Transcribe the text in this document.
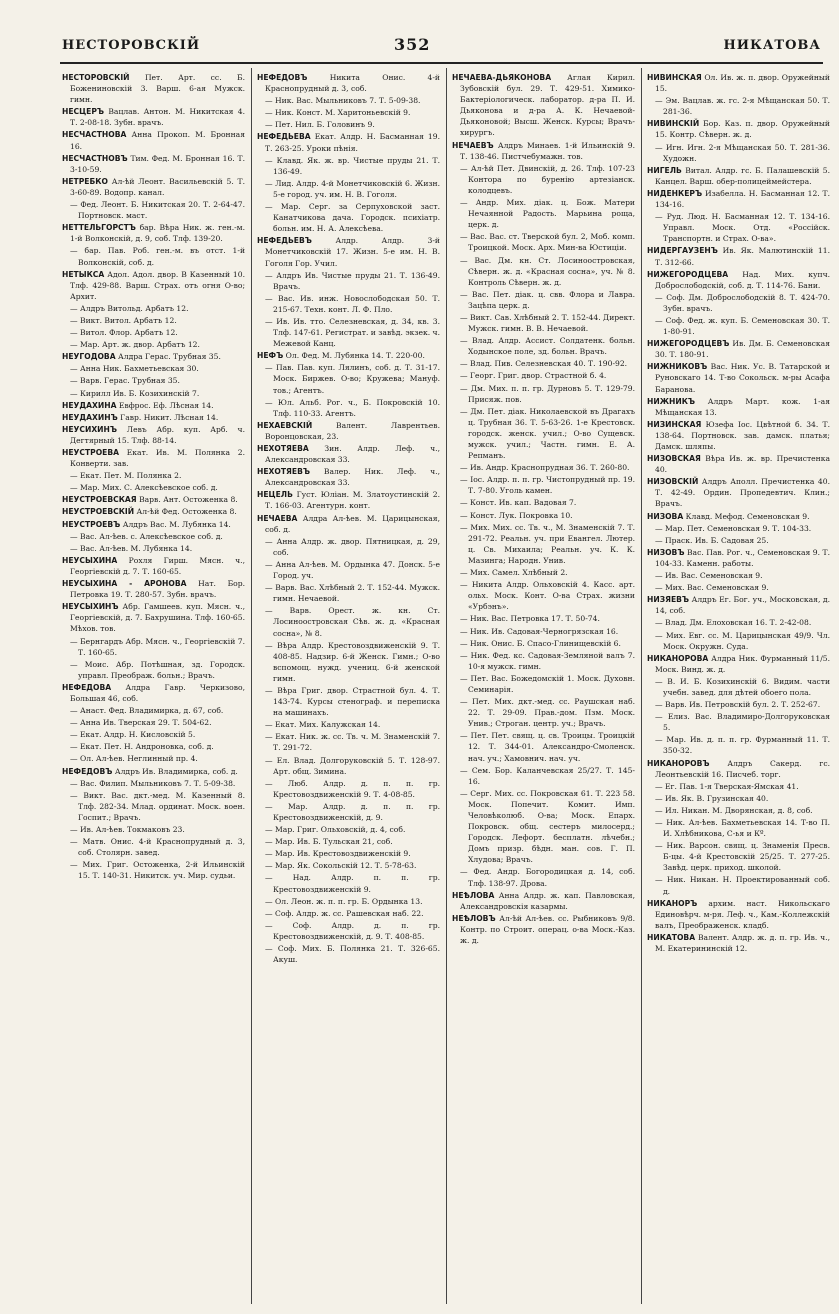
НЕСТОРОВСКІЙ	352	НИКАТОВА
НЕСТОРОВСКІЙ Пет. Арт. сс. Б. Божениновскій 3. Варш. 6-ая Мужск. гимн.
НЕСЦЕРЪ Вацлав. Антон. М. Никитская 4. Т. 2-08-18. Зубн. врачъ.
НЕСЧАСТНОВА Анна Прокоп. М. Бронная 16.
НЕСЧАСТНОВЪ Тим. Фед. М. Бронная 16. Т. 3-10-59.
НЕТРЕБКО Ал-ѣй Леонт. Васильевскій 5. Т. 3-60-89. Водопр. канал.
— Фед. Леонт. Б. Никитская 20. Т. 2-64-47. Портновск. маст.
НЕТТЕЛЬГОРСТЪ бар. Вѣра Ник. ж. ген.-м. 1-й Волконскій, д. 9, соб. Тлф. 139-20.
— бар. Пав. Роб. ген.-м. въ отст. 1-й Волконскій, соб. д.
НЕТЫКСА Адол. Адол. двор. В Казенный 10. Тлф. 429-88. Варш. Страх. отъ огня О-во; Архит.
— Алдръ Витольд. Арбатъ 12.
— Викт. Витол. Арбатъ 12.
— Витол. Флор. Арбатъ 12.
— Мар. Арт. ж. двор. Арбатъ 12.
НЕУГОДОВА Алдра Герас. Трубная 35.
— Анна Ник. Бахметьевская 30.
— Варв. Герас. Трубная 35.
— Кирилл Ив. Б. Козихинскій 7.
НЕУДАХИНА Евфрос. Еф. Лѣсная 14.
НЕУДАХИНЪ Гавр. Никит. Лѣсная 14.
НЕУСИХИНЪ Левъ Абр. куп. Арб. ч. Дегтярный 15. Тлф. 88-14.
НЕУСТРОЕВА Екат. Ив. М. Полянка 2. Конверти. зав.
— Екат. Пет. М. Полянка 2.
— Мар. Мих. С. Алексѣевское соб. д.
НЕУСТРОЕВСКАЯ Варв. Ант. Остоженка 8.
НЕУСТРОЕВСКІЙ Ал-ѣй Фед. Остоженка 8.
НЕУСТРОЕВЪ Алдръ Вас. М. Лубянка 14.
— Вас. Ал-ѣев. с. Алексѣевское соб. д.
— Вас. Ал-ѣев. М. Лубянка 14.
НЕУСЫХИНА Рохля Гирш. Мясн. ч., Георгіевскій д. 7. Т. 160-65.
НЕУСЫХИНА - АРОНОВА Нат. Бор. Петровка 19. Т. 280-57. Зубн. врачъ.
НЕУСЫХИНЪ Абр. Гамшеев. куп. Мясн. ч., Георгіевскій, д. 7. Бахрушина. Тлф. 160-65. Мѣхов. тов.
— Бернгардъ Абр. Мясн. ч., Георгіевскій 7. Т. 160-65.
— Моис. Абр. Потѣшная, зд. Городск. управл. Преображ. больн.; Врачъ.
НЕФЕДОВА Алдра Гавр. Черкизово, Большая 46, соб.
— Анаст. Фед. Владимирка, д. 67, соб.
— Анна Ив. Тверская 29. Т. 504-62.
— Екат. Алдр. Н. Кисловскій 5.
— Екат. Пет. Н. Андроновка, соб. д.
— Ол. Ал-ѣев. Неглинный пр. 4.
НЕФЕДОВЪ Алдръ Ив. Владимирка, соб. д.
— Вас. Филип. Мыльниковъ 7. Т. 5-09-38.
— Викт. Вас. дкт.-мед. М. Казенный 8. Тлф. 282-34. Млад. ординат. Моск. воен. Госпит.; Врачъ.
— Ив. Ал-ѣев. Токмаковъ 23.
— Матв. Онис. 4-й Краснопрудный д. 3, соб. Столярн. завед.
— Мих. Григ. Остоженка, 2-й Ильинскій 15. Т. 140-31. Никитск. уч. Мир. судьи.
НЕФЕДОВЪ	Никита Онис. 4-й Краснопрудный д. 3, соб.
— Ник. Вас. Мыльниковъ 7. Т. 5-09-38.
— Ник. Конст. М. Харитоньевскій 9.
— Пет. Нил. Б. Головинъ 9.
НЕФЕДЬЕВА Екат. Алдр. Н. Басманная 19. Т. 263-25. Уроки пѣнія.
— Клавд. Як. ж. вр. Чистые пруды 21. Т. 136-49.
— Лид. Алдр. 4-й Монетчиковскій 6. Жизн. 5-е город. уч. им. Н. В. Гоголя.
— Мар. Серг. за Серпуховской заст. Канатчикова дача. Городск. психіатр. больн. им. Н. А. Алексѣева.
НЕФЕДЬЕВЪ	Алдр. Алдр. 3-й Монетчиковскій 17. Жизн. 5-е им. Н. В. Гоголя Гор. Учил.
— Алдръ Ив. Чистые пруды 21. Т. 136-49. Врачъ.
— Вас. Ив. инж. Новослободская 50. Т. 215-67. Техн. конт. Л. Ф. Пло.
— Ив. Ив. тто. Селезневская, д. 34, кв. 3. Тлф. 147-61. Регистрат. и завѣд. экзек. ч. Межевой Канц.
НЕФЪ Ол. Фед. М. Лубянка 14. Т. 220-00.
— Пав. Пав. куп. Лялинъ, соб. д. Т. 31-17. Моск. Биржев. О-во; Кружева; Мануф. тов.; Агентъ.
— Юл. Альб. Рог. ч., Б. Покровскій 10. Тлф. 110-33. Агентъ.
НЕХАЕВСКІЙ	Валент. Лаврентьев. Воронцовская, 23.
НЕХОТЯЕВА Зин. Алдр. Леф. ч., Александровская 33.
НЕХОТЯЕВЪ Валер. Ник. Леф. ч., Александровская 33.
НЕЦЕЛЬ Густ. Юліан. М. Златоустинскій 2. Т. 166-03. Агентурн. конт.
НЕЧАЕВА Алдра Ал-ѣев. М. Царицынская, соб. д.
— Анна Алдр. ж. двор. Пятницкая, д. 29, соб.
— Анна Ал-ѣев. М. Ордынка 47. Донск. 5-е Город. уч.
— Варв. Вас. Хлѣбный 2. Т. 152-44. Мужск. гимн. Нечаевой.
— Варв. Орест. ж. кн. Ст. Лосиноостровская Сѣв. ж. д. «Красная сосна», № 8.
— Вѣра Алдр. Крестовоздвиженскій 9. Т. 408-85. Надзир. 6-й Женск. Гимн.; О-во вспомощ. нужд. учениц. 6-й женской гимн.
— Вѣра Григ. двор. Страстной бул. 4. Т. 143-74. Курсы стенограф. и переписка на машинахъ.
— Екат. Мих. Калужская 14.
— Екат. Ник. ж. сс. Тв. ч. М. Знаменскій 7. Т. 291-72.
— Ел. Влад. Долгоруковскій 5. Т. 128-97. Арт. общ. Зимина.
— Люб. Алдр. д. п. п. гр. Крестовоздвиженскій 9. Т. 4-08-85.
— Мар. Алдр. д. п. п. гр. Крестовоздвиженскій, д. 9.
— Мар. Григ. Ольховскій, д. 4, соб.
— Мар. Ив. Б. Тульская 21, соб.
— Мар. Ив. Крестовоздвиженскій 9.
— Мар. Як. Сокольскій 12. Т. 5-78-63.
— Над. Алдр. п. п. гр. Крестовоздвиженскій 9.
— Ол. Леон. ж. п. п. гр. Б. Ордынка 13.
— Соф. Алдр. ж. сс. Рашевская наб. 22.
— Соф. Алдр. д. п. гр. Крестовоздвиженскій, д. 9. Т. 408-85.
— Соф. Мих. Б. Полянка 21. Т. 326-65. Акуш.
НЕЧАЕВА-ДЬЯКОНОВА Аглая Кирил. Зубовскій бул. 29. Т. 429-51. Химико-Бактеріологическ. лаборатор. д-ра П. И. Дьяконова и д-ра А. К. Нечаевой-Дьяконовой; Высш. Женск. Курсы; Врачъ-хирургъ.
НЕЧАЕВЪ Алдръ Минаев. 1-й Ильинскій 9. Т. 138-46. Пистчебумажн. тов.
— Ал-ѣй Пет. Двинскій, д. 26. Тлф. 107-23 Контора по буренію артезіанск. колодцевъ.
— Андр. Мих. діак. ц. Бож. Матери Нечаянной Радость. Марьина роща, церк. д.
— Вас. Вас. ст. Тверской бул. 2, Моб. комп. Троицкой. Моск. Арх. Мин-ва Юстиціи.
— Вас. Дм. кн. Ст. Лосиноостровская, Сѣверн. ж. д. «Красная сосна», уч. № 8. Контроль Сѣверн. ж. д.
— Вас. Пет. діак. ц. свв. Флора и Лавра. Зацѣпа церк. д.
— Викт. Сав. Хлѣбный 2. Т. 152-44. Директ. Мужск. гимн. В. В. Нечаевой.
— Влад. Алдр. Ассист. Солдатенк. больн. Ходынское поле, зд. больн. Врачъ.
— Влад. Пив. Селезневская 40. Т. 190-92.
— Георг. Григ. двор. Страстной б. 4.
— Дм. Мих. п. п. гр. Дурновъ 5. Т. 129-79. Присяж. пов.
— Дм. Пет. діак. Николаевской въ Драгахъ ц. Трубная 36. Т. 5-63-26. 1-е Крестовск. городск. женск. учил.; О-во Сущевск. мужск. учил.; Частн. гимн. Е. А. Репманъ.
— Ив. Андр. Краснопрудная 36. Т. 260-80.
— Іос. Алдр. п. п. гр. Чистопрудный пр. 19. Т. 7-80. Уголь камен.
— Конст. Ив. кап. Вадовая 7.
— Конст. Лук. Покровка 10.
— Мих. Мих. сс. Тв. ч., М. Знаменскій 7. Т. 291-72. Реальн. уч. при Евангел. Лютер. ц. Св. Михаила; Реальн. уч. К. К. Мазинга; Народн. Унив.
— Мих. Самел. Хлѣбный 2.
— Никита Алдр. Ольховскій 4. Касс. арт. ольх. Моск. Конт. О-ва Страх. жизни «Урбэнъ».
— Ник. Вас. Петровка 17. Т. 50-74.
— Ник. Ив. Садовая-Черногрязская 16.
— Ник. Онис. Б. Спасо-Глинищевскій 6.
— Ник. Фед. кс. Садовая-Земляной валъ 7. 10-я мужск. гимн.
— Пет. Вас. Божедомскій 1. Моск. Духовн. Семинарія.
— Пет. Мих. дкт.-мед. сс. Раушская наб. 22. Т. 29-09. Прав.-дом. Пзм. Моск. Унив.; Строган. центр. уч.; Врачъ.
— Пет. Пет. свящ. ц. св. Троицы. Троицкій 12. Т. 344-01. Александро-Смоленск. нач. уч.; Хамовнич. нач. уч.
— Сем. Бор. Каланчевская 25/27. Т. 145-16.
— Серг. Мих. сс. Покровская 61. Т. 223 58. Моск. Попечит. Комит. Имп. Человѣколюб. О-ва; Моск. Епарх. Покровск. общ. сестеръ милосерд.; Городск. Лефорт. бесплатн. лѣчебн.; Домъ призр. бѣдн. ман. сов. Г. П. Хлудова; Врачъ.
— Фед. Андр. Богородицкая д. 14, соб. Тлф. 138-97. Дрова.
НЕѢЛОВА Анна Алдр. ж. кап. Павловская, Александровскія казармы.
НЕѢЛОВЪ Ал-ѣй Ал-ѣев. сс. Рыбниковъ 9/8. Контр. по Строит. операц. о-ва Моск.-Каз. ж. д.
НИВИНСКАЯ Ол. Ив. ж. п. двор. Оружейный 15.
— Эм. Вацлав. ж. гс. 2-я Мѣщанская 50. Т. 281-36.
НИВИНСКІЙ Бор. Каз. п. двор. Оружейный 15. Контр. Сѣверн. ж. д.
— Игн. Игн. 2-я Мѣщанская 50. Т. 281-36. Художн.
НИГЕЛЬ Витал. Алдр. гс. Б. Палашевскій 5. Канцел. Варш. обер-полицеймейстера.
НИДЕНКЕРЪ Изабелла. Н. Басманная 12. Т. 134-16.
— Руд. Люд. Н. Басманная 12. Т. 134-16. Управл. Моск. Отд. «Россійск. Транспортн. и Страх. О-ва».
НИДЕРГАУЗЕНЪ Ив. Як. Малютинскій 11. Т. 312-66.
НИЖЕГОРОДЦЕВА Над. Мих. купч. Доброслободскій, соб. д. Т. 114-76. Бани.
— Соф. Дм. Доброслободскій 8. Т. 424-70. Зубн. врачъ.
— Соф. Фед. ж. куп. Б. Семеновская 30. Т. 1-80-91.
НИЖЕГОРОДЦЕВЪ Ив. Дм. Б. Семеновская 30. Т. 180-91.
НИЖНИКОВЪ Вас. Ник. Ус. В. Татарской и Руновскаго 14. Т-во Сокольск. м-ры Асафа Баранова.
НИЖНИКЪ Алдръ Март. кож. 1-ая Мѣщанская 13.
НИЗИНСКАЯ Юзефа Іос. Цвѣтной б. 34. Т. 138-64. Портновск. зав. дамск. платья; Дамск. шляпы.
НИЗОВСКАЯ Вѣра Ив. ж. вр. Пречистенка 40.
НИЗОВСКІЙ Алдръ Аполл. Пречистенка 40. Т. 42-49. Ордин. Пропедевтич. Клин.; Врачъ.
НИЗОВА Клавд. Мефод. Семеновская 9.
— Мар. Пет. Семеновская 9. Т. 104-33.
— Праск. Ив. Б. Садовая 25.
НИЗОВЪ Вас. Пав. Рог. ч., Семеновская 9. Т. 104-33. Каменн. работы.
— Ив. Вас. Семеновская 9.
— Мих. Вас. Семеновская 9.
НИЗЯЕВЪ Алдръ Ег. Бог. уч., Московская, д. 14, соб.
— Влад. Дм. Елоховская 16. Т. 2-42-08.
— Мих. Евг. сс. М. Царицынская 49/9. Чл. Моск. Окружн. Суда.
НИКАНОРОВА Алдра Ник. Фурманный 11/5. Моск. Винд. ж. д.
— В. И. Б. Козихинскій 6. Видим. части учебн. завед. для дѣтей обоего пола.
— Варв. Ив. Петровскій бул. 2. Т. 252-67.
— Елиз. Вас. Владимиро-Долгоруковская 5.
— Мар. Ив. д. п. п. гр. Фурманный 11. Т. 350-32.
НИКАНОРОВЪ Алдръ Сакерд. гс. Леонтьевскій 16. Писчеб. торг.
— Ег. Пав. 1-я Тверская-Ямская 41.
— Ив. Як. В. Грузинская 40.
— Ил. Никан. М. Дворянская, д. 8, соб.
— Ник. Ал-ѣев. Бахметьевская 14. Т-во П. И. Хлѣбникова, С-ья и Кº.
— Ник. Варсон. свящ. ц. Знаменія Пресв. Б-цы. 4-й Крестовскій 25/25. Т. 277-25. Завѣд. церк. приход. школой.
— Ник. Никан. Н. Проектированный соб. д.
НИКАНОРЪ архим. наст. Никольскаго Единовѣрч. м-ря. Леф. ч., Кам.-Коллежскій валъ, Преображенск. кладб.
НИКАТОВА Валент. Алдр. ж. д. п. гр. Ив. ч., М. Екатерининскій 12.
